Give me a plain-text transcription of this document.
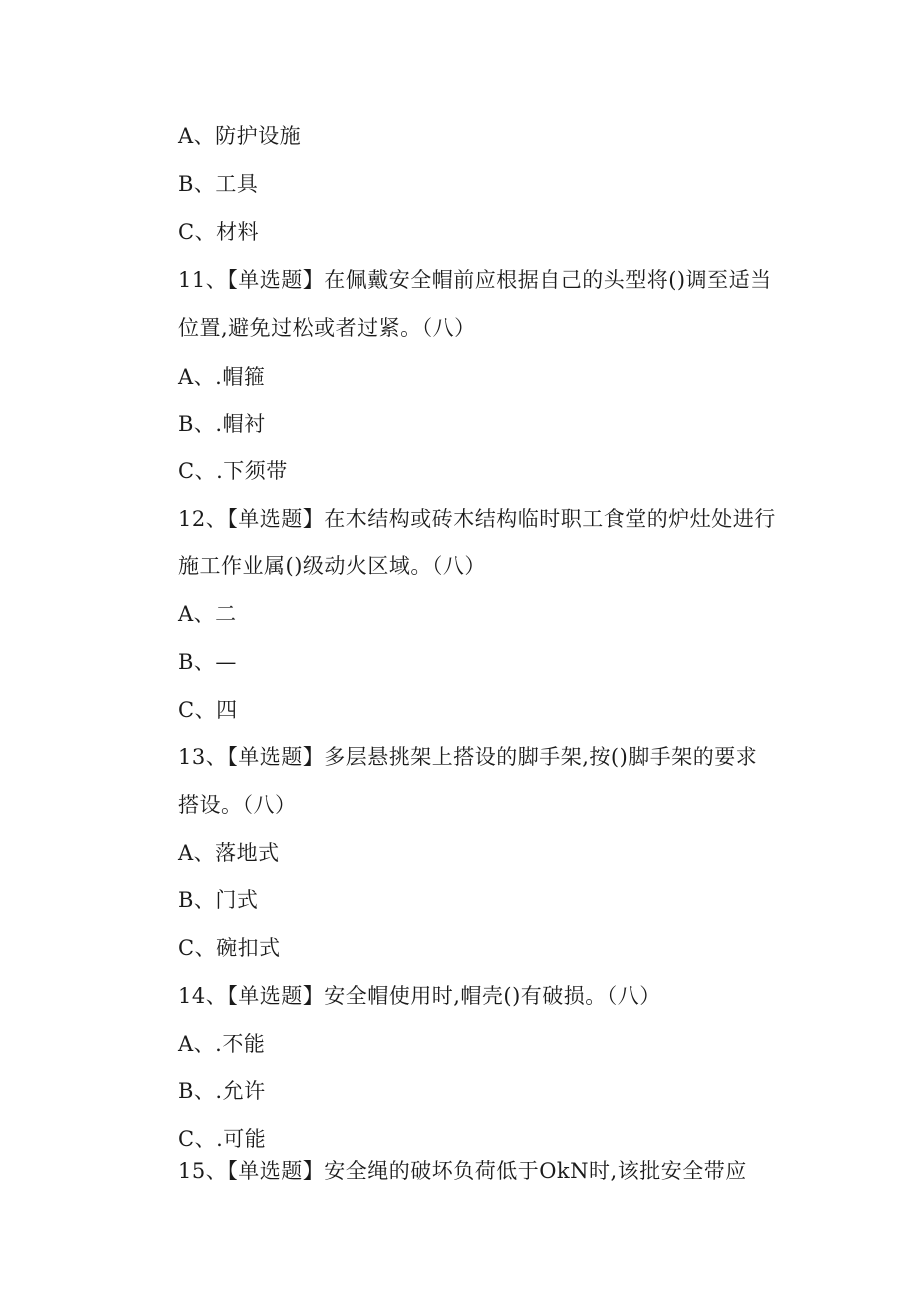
A、防护设施
B、工具
C、材料
11、【单选题】在佩戴安全帽前应根据自己的头型将()调至适当
位置,避免过松或者过紧。（八）
A、.帽箍
B、.帽衬
C、.下须带
12、【单选题】在木结构或砖木结构临时职工食堂的炉灶处进行
施工作业属()级动火区域。（八）
A、二
B、—
C、四
13、【单选题】多层悬挑架上搭设的脚手架,按()脚手架的要求
搭设。（八）
A、落地式
B、门式
C、碗扣式
14、【单选题】安全帽使用时,帽壳()有破损。（八）
A、.不能
B、.允许
C、.可能
15、【单选题】安全绳的破坏负荷低于OkN时,该批安全带应
